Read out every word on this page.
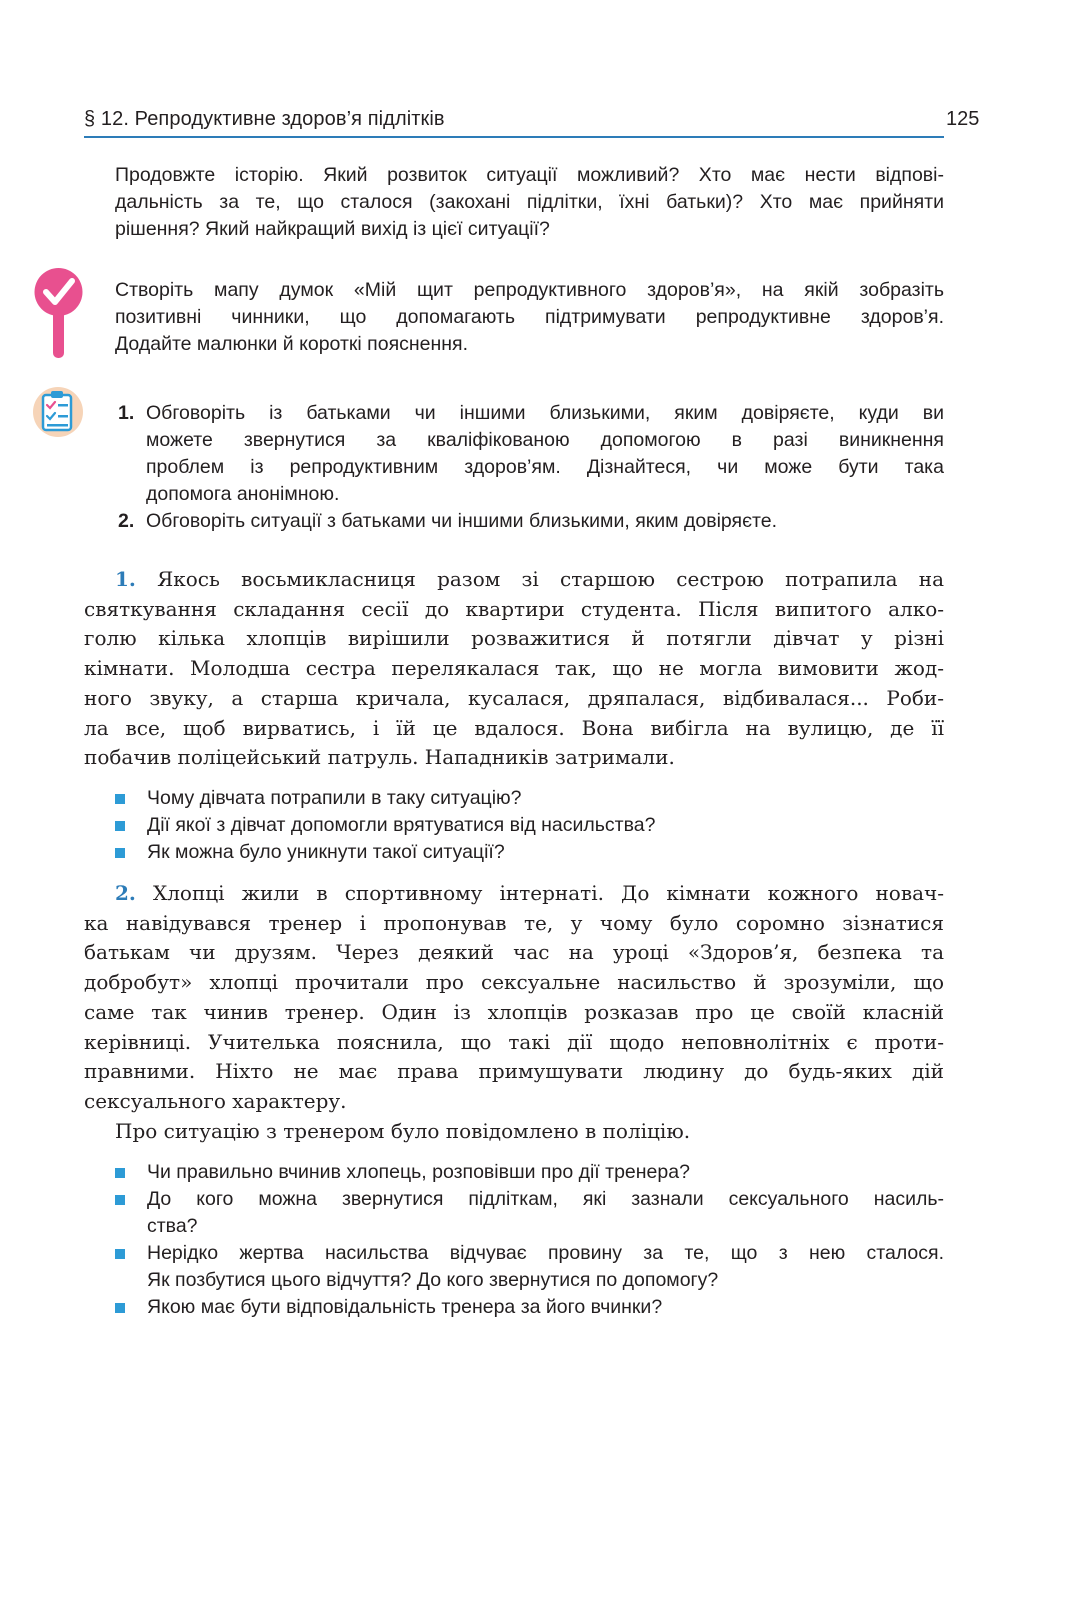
§ 12. Репродуктивне здоров’я підлітків	125
Продовжте історію. Який розвиток ситуації можливий? Хто має нести відпові-
дальність за те, що сталося (закохані підлітки, їхні батьки)? Хто має прийняти
рішення? Який найкращий вихід із цієї ситуації?
Створіть мапу думок «Мій щит репродуктивного здоров’я», на якій зобразіть
позитивні чинники, що допомагають підтримувати репродуктивне здоров’я.
Додайте малюнки й короткі пояснення.
1. Обговоріть із батьками чи іншими близькими, яким довіряєте, куди ви
можете звернутися за кваліфікованою допомогою в разі виникнення
проблем із репродуктивним здоров’ям. Дізнайтеся, чи може бути така
допомога анонімною.
2. Обговоріть ситуації з батьками чи іншими близькими, яким довіряєте.
1. Якось восьмикласниця разом зі старшою сестрою потрапила на
святкування складання сесії до квартири студента. Після випитого алко-
голю кілька хлопців вирішили розважитися й потягли дівчат у різні
кімнати. Молодша сестра перелякалася так, що не могла вимовити жод-
ного звуку, а старша кричала, кусалася, дряпалася, відбивалася... Роби-
ла все, щоб вирватись, і їй це вдалося. Вона вибігла на вулицю, де її
побачив поліцейський патруль. Нападників затримали.
Чому дівчата потрапили в таку ситуацію?
Дії якої з дівчат допомогли врятуватися від насильства?
Як можна було уникнути такої ситуації?
2. Хлопці жили в спортивному інтернаті. До кімнати кожного новач-
ка навідувався тренер і пропонував те, у чому було соромно зізнатися
батькам чи друзям. Через деякий час на уроці «Здоров’я, безпека та
добробут» хлопці прочитали про сексуальне насильство й зрозуміли, що
саме так чинив тренер. Один із хлопців розказав про це своїй класній
керівниці. Учителька пояснила, що такі дії щодо неповнолітніх є проти-
правними. Ніхто не має права примушувати людину до будь-яких дій
сексуального характеру.
Про ситуацію з тренером було повідомлено в поліцію.
Чи правильно вчинив хлопець, розповівши про дії тренера?
До кого можна звернутися підліткам, які зазнали сексуального насиль-
ства?
Нерідко жертва насильства відчуває провину за те, що з нею сталося.
Як позбутися цього відчуття? До кого звернутися по допомогу?
Якою має бути відповідальність тренера за його вчинки?
